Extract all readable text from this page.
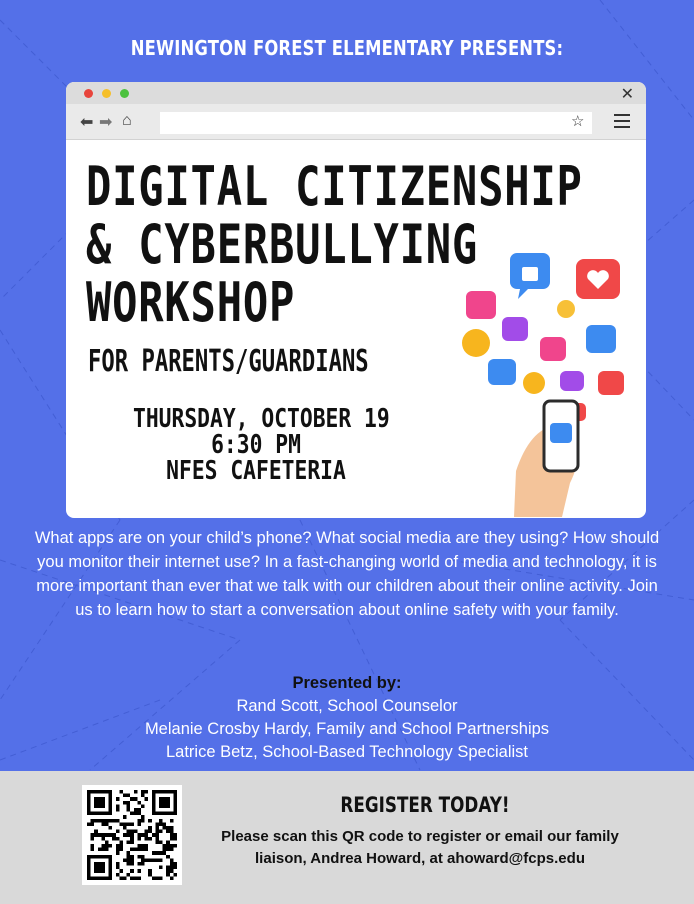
NEWINGTON FOREST ELEMENTARY PRESENTS:
✕
⬅ ➡ ⌂	☆
DIGITAL CITIZENSHIP
& CYBERBULLYING
WORKSHOP
FOR PARENTS/GUARDIANS
THURSDAY, OCTOBER 19
6:30 PM
NFES CAFETERIA

What apps are on your child’s phone? What social media are they using? How should you monitor their internet use? In a fast-changing world of media and technology, it is more important than ever that we talk with our children about their online activity. Join us to learn how to start a conversation about online safety with your family.

Presented by:
Rand Scott, School Counselor
Melanie Crosby Hardy, Family and School Partnerships
Latrice Betz, School-Based Technology Specialist
REGISTER TODAY!
Please scan this QR code to register or email our family liaison, Andrea Howard, at ahoward@fcps.edu
